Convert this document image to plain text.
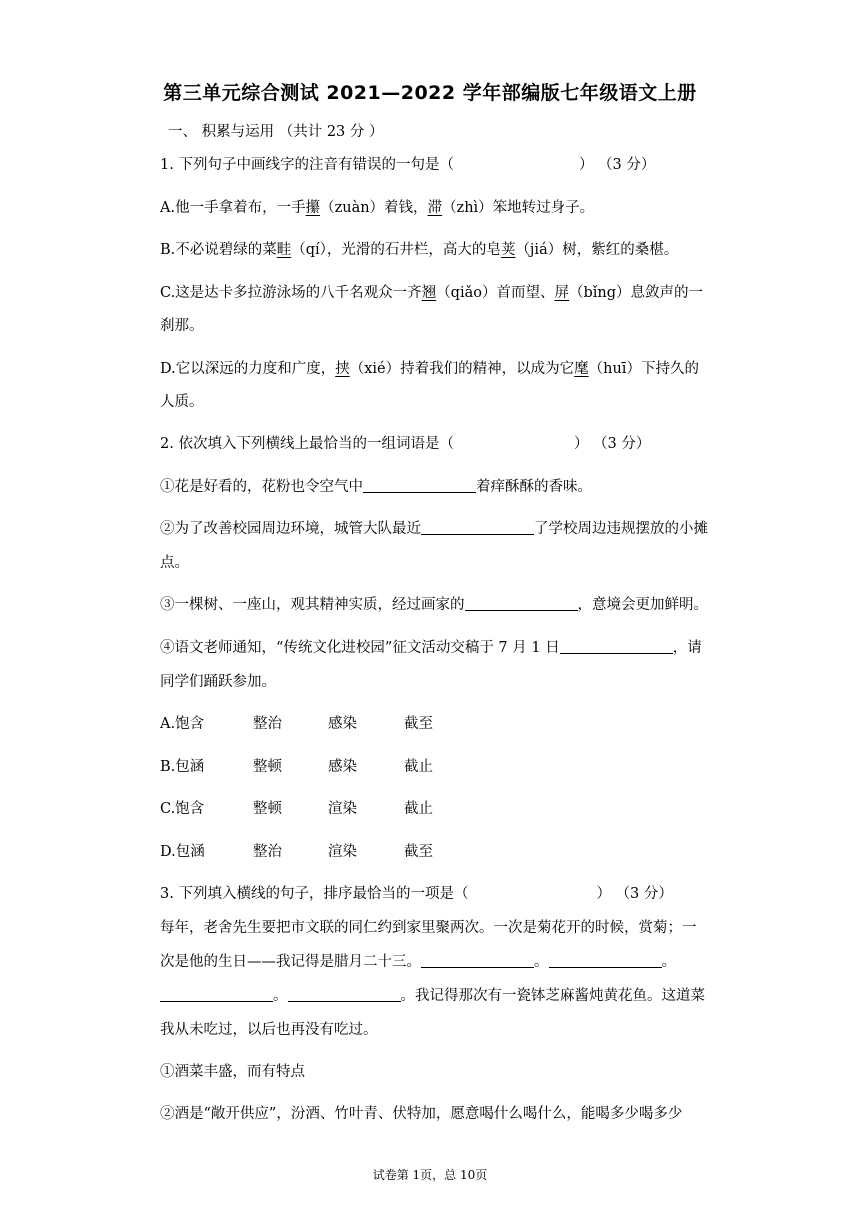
第三单元综合测试 2021—2022 学年部编版七年级语文上册
一、 积累与运用 （共计 23 分 ）
1. 下列句子中画线字的注音有错误的一句是（	） （3 分）
A.他一手拿着布，一手攥（zuàn）着钱，滞（zhì）笨地转过身子。
B.不必说碧绿的菜畦（qí），光滑的石井栏，高大的皂荚（jiá）树，紫红的桑椹。
C.这是达卡多拉游泳场的八千名观众一齐翘（qiǎo）首而望、屏（bǐng）息敛声的一
刹那。
D.它以深远的力度和广度，挟（xié）持着我们的精神，以成为它麾（huī）下持久的
人质。
2. 依次填入下列横线上最恰当的一组词语是（	） （3 分）
①花是好看的，花粉也令空气中	着痒酥酥的香味。
②为了改善校园周边环境，城管大队最近	了学校周边违规摆放的小摊
点。
③一棵树、一座山，观其精神实质，经过画家的	，意境会更加鲜明。
④语文老师通知，“传统文化进校园”征文活动交稿于 7 月 1 日	，请
同学们踊跃参加。
A.饱含	整治	感染	截至
B.包涵	整顿	感染	截止
C.饱含	整顿	渲染	截止
D.包涵	整治	渲染	截至
3. 下列填入横线的句子，排序最恰当的一项是（	） （3 分）
每年，老舍先生要把市文联的同仁约到家里聚两次。一次是菊花开的时候，赏菊；一
次是他的生日——我记得是腊月二十三。	。	。
。	。我记得那次有一瓷钵芝麻酱炖黄花鱼。这道菜
我从未吃过，以后也再没有吃过。
①酒菜丰盛，而有特点
②酒是“敞开供应”，汾酒、竹叶青、伏特加，愿意喝什么喝什么，能喝多少喝多少
试卷第 1页，总 10页
